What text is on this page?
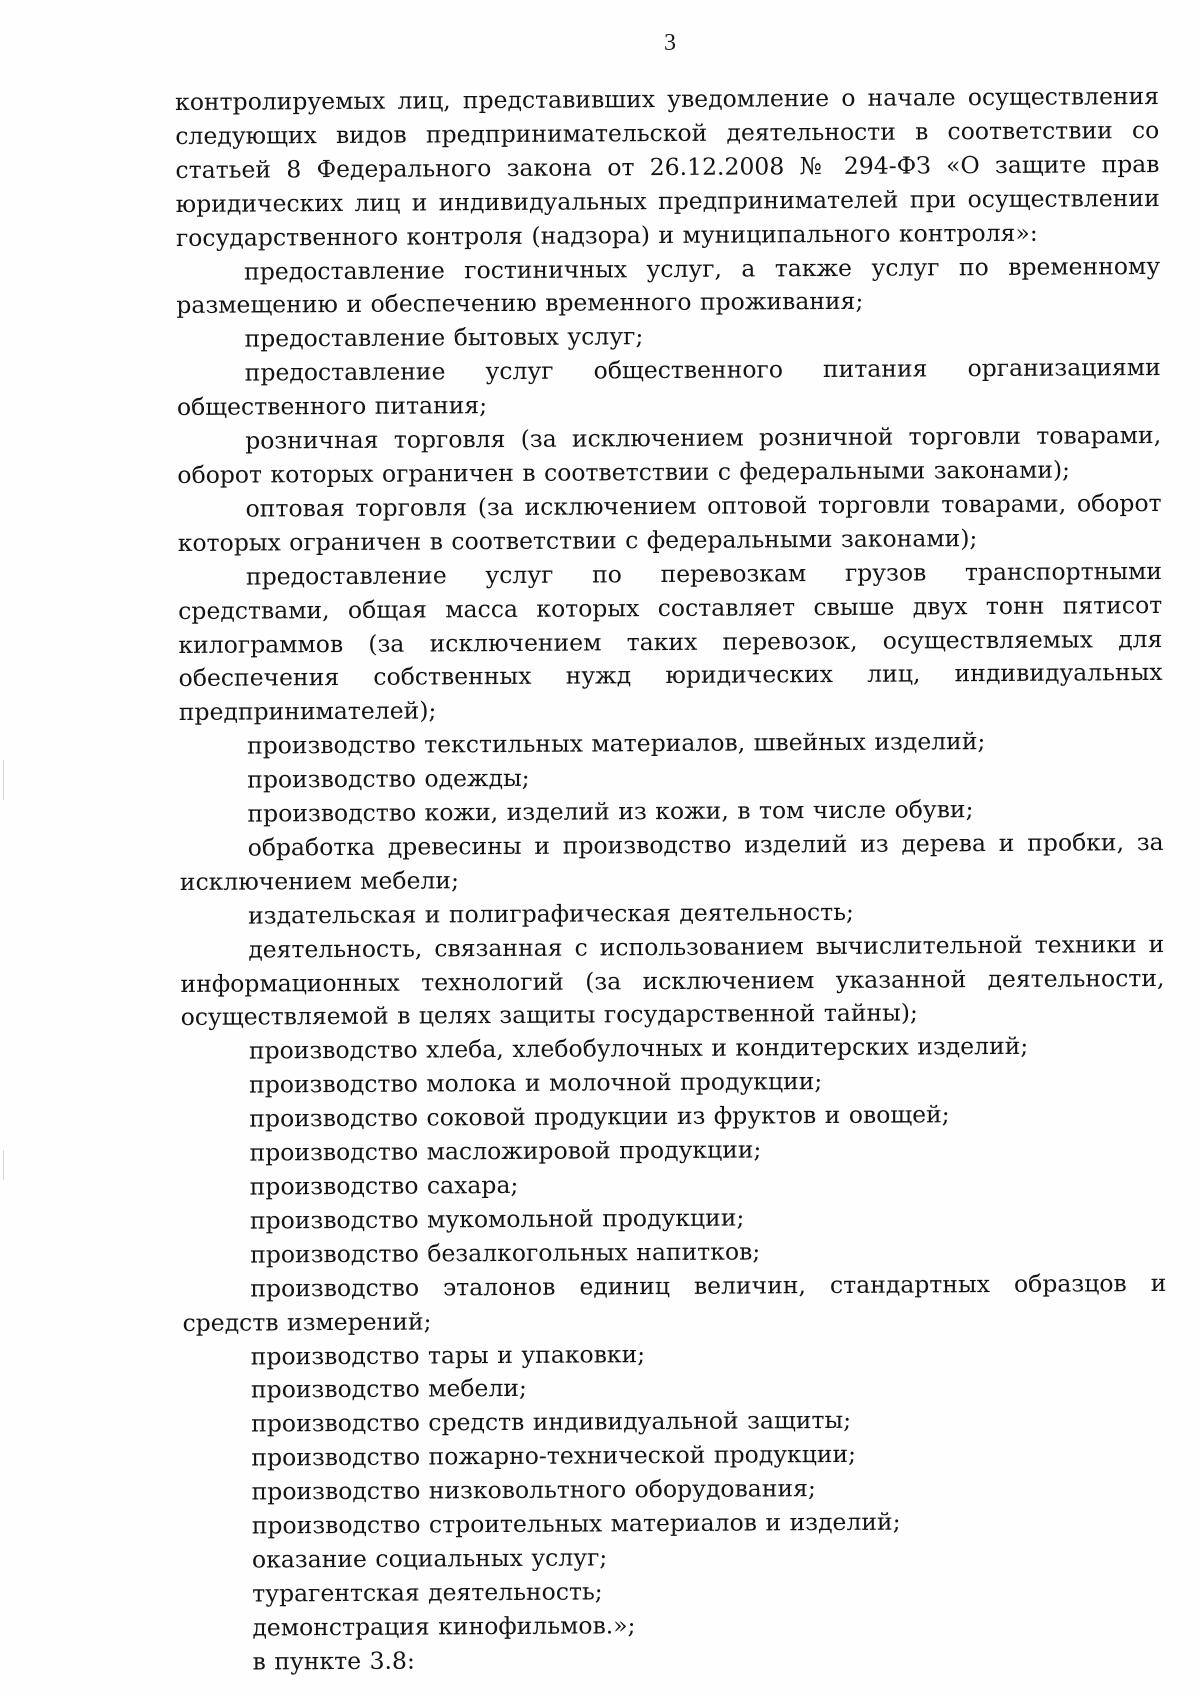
3

контролируемых лиц, представивших уведомление о начале осуществления следующих видов предпринимательской деятельности в соответствии со статьей 8 Федерального закона от 26.12.2008 № 294-ФЗ «О защите прав юридических лиц и индивидуальных предпринимателей при осуществлении государственного контроля (надзора) и муниципального контроля»:

предоставление гостиничных услуг, а также услуг по временному размещению и обеспечению временного проживания;

предоставление бытовых услуг;

предоставление услуг общественного питания организациями общественного питания;

розничная торговля (за исключением розничной торговли товарами, оборот которых ограничен в соответствии с федеральными законами);

оптовая торговля (за исключением оптовой торговли товарами, оборот которых ограничен в соответствии с федеральными законами);

предоставление услуг по перевозкам грузов транспортными средствами, общая масса которых составляет свыше двух тонн пятисот килограммов (за исключением таких перевозок, осуществляемых для обеспечения собственных нужд юридических лиц, индивидуальных предпринимателей);

производство текстильных материалов, швейных изделий;

производство одежды;

производство кожи, изделий из кожи, в том числе обуви;

обработка древесины и производство изделий из дерева и пробки, за исключением мебели;

издательская и полиграфическая деятельность;

деятельность, связанная с использованием вычислительной техники и информационных технологий (за исключением указанной деятельности, осуществляемой в целях защиты государственной тайны);

производство хлеба, хлебобулочных и кондитерских изделий;

производство молока и молочной продукции;

производство соковой продукции из фруктов и овощей;

производство масложировой продукции;

производство сахара;

производство мукомольной продукции;

производство безалкогольных напитков;

производство эталонов единиц величин, стандартных образцов и средств измерений;

производство тары и упаковки;

производство мебели;

производство средств индивидуальной защиты;

производство пожарно-технической продукции;

производство низковольтного оборудования;

производство строительных материалов и изделий;

оказание социальных услуг;

турагентская деятельность;

демонстрация кинофильмов.»;

в пункте 3.8:
